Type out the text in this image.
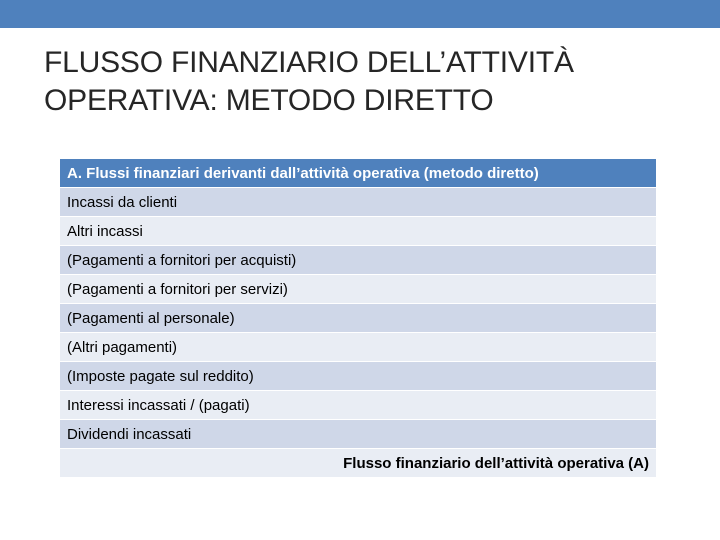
FLUSSO FINANZIARIO DELL’ATTIVITÀ
OPERATIVA: METODO DIRETTO
A. Flussi finanziari derivanti dall’attività operativa (metodo diretto)
Incassi da clienti
Altri incassi
(Pagamenti a fornitori per acquisti)
(Pagamenti a fornitori per servizi)
(Pagamenti al personale)
(Altri pagamenti)
(Imposte pagate sul reddito)
Interessi incassati / (pagati)
Dividendi incassati
Flusso finanziario dell’attività operativa (A)
